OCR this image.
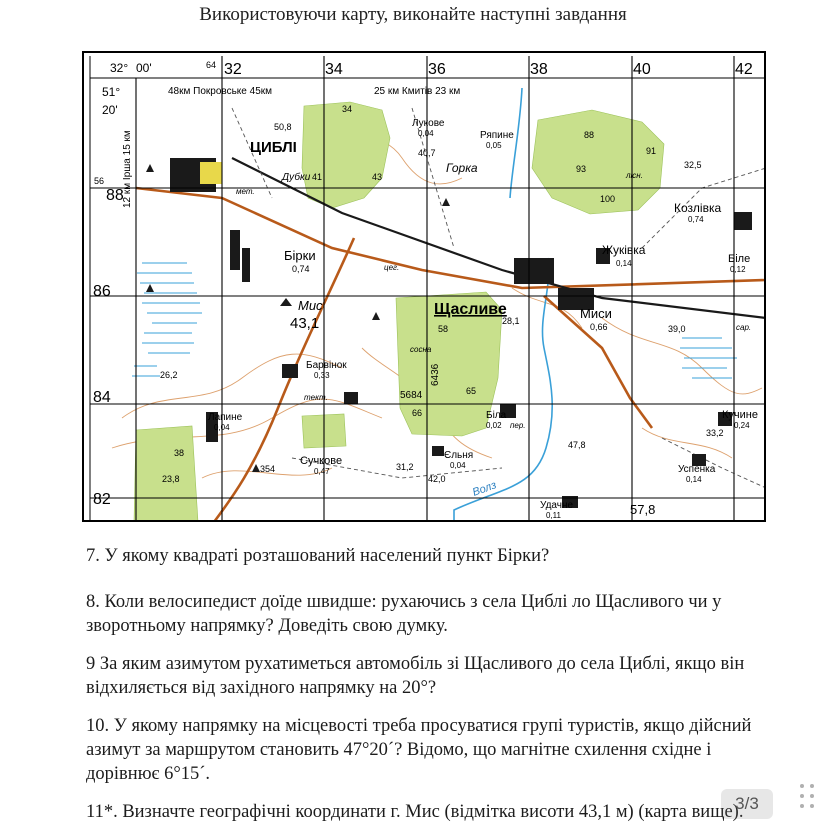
Використовуючи карту, виконайте наступні завдання
32° 00'	64
51°
20'
56
32	34	36	38	40	42
88
86
84
82
48км Покровське 45км	25 км Кмитів 23 км
12 км Ірша 15 км	ЦИБЛІ
Бірки
0,74
Щасливе
Лукове
0,04	Ряпине
0,05
Жуківка
0,14
Миси
0,66
Козлівка
0,74
Біле
0,12
Барвінок
0,33
Лапине
0,04
Сучкове
0,47
Біла
0,02
Єльня
0,04
Кучине
0,24
Успенка
0,14
Удачне
0,11
Горка
Дубки
Мис
43,1
50,8
40,7
32,5
28,1
39,0
26,2
23,8
47,8
31,2
33,2
57,8
42,0
34
41	43
88
91
93
100
58
66
65
38
Волз
5684
6436
сосна
тект.
пер.
цег.
лісн.
сар.
мет.
354
7. У якому квадраті розташований населений пункт Бірки?
8. Коли велосипедист доїде швидше: рухаючись з села Циблі ло Щасливого чи у зворотньому напрямку? Доведіть свою думку.
9 За яким азимутом рухатиметься автомобіль зі Щасливого до села Циблі, якщо він відхиляється від західного напрямку на 20°?
10. У якому напрямку на місцевості треба просуватися групі туристів, якщо дійсний азимут за маршрутом становить 47°20´? Відомо, що магнітне схилення східне і дорівнює 6°15´.
11*. Визначте географічні координати г. Мис (відмітка висоти 43,1 м) (карта вище).
3/3
